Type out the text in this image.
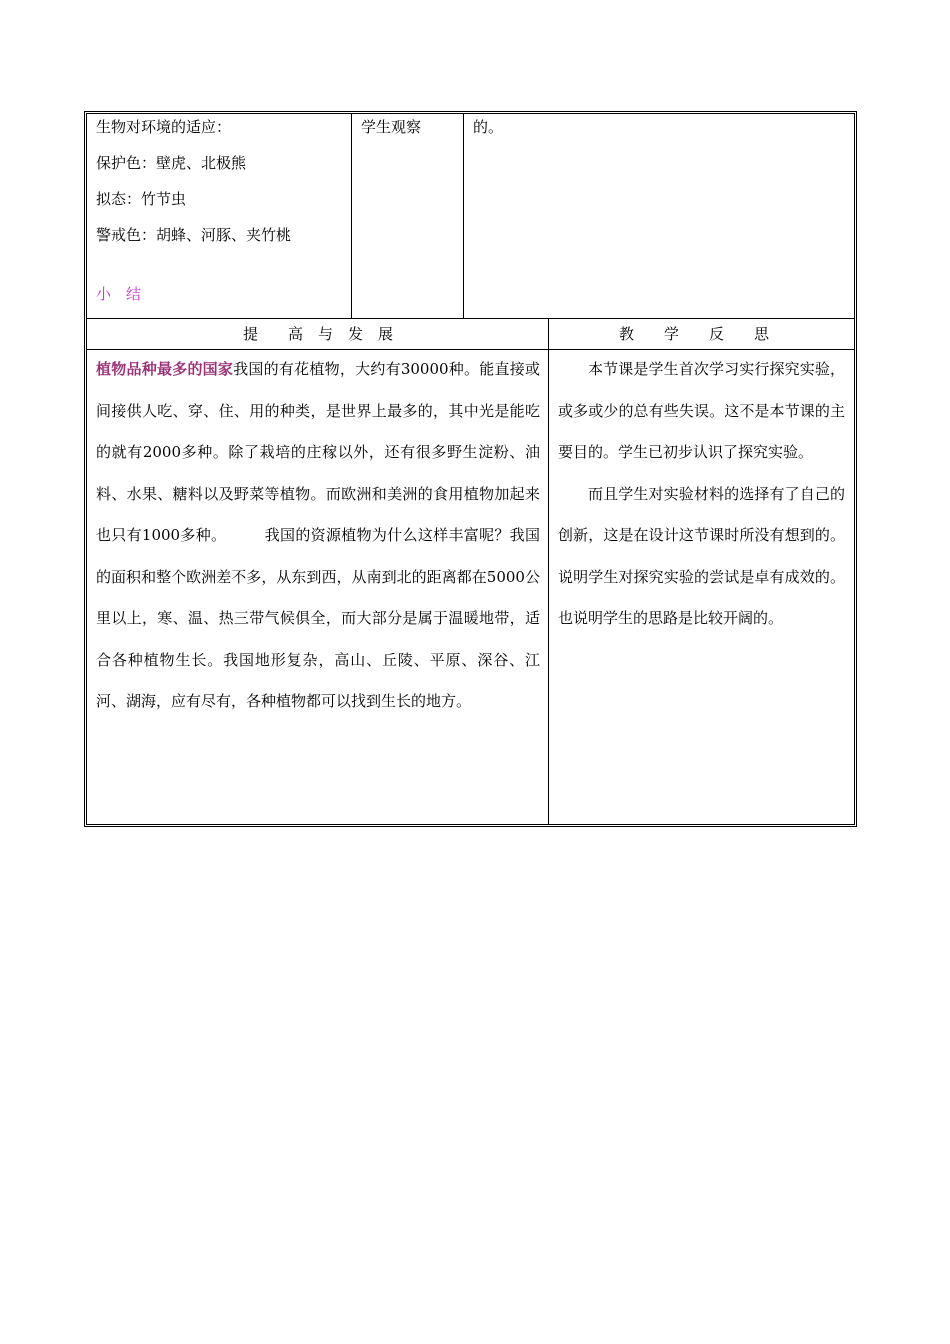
生物对环境的适应：

保护色：壁虎、北极熊

拟态：竹节虫

警戒色：胡蜂、河豚、夹竹桃

小　结
学生观察	的。
提　　高　与　发　展	教　　学　　反　　思

植物品种最多的国家我国的有花植物，大约有30000种。能直接或间接供人吃、穿、住、用的种类，是世界上最多的，其中光是能吃的就有2000多种。除了栽培的庄稼以外，还有很多野生淀粉、油料、水果、糖料以及野菜等植物。而欧洲和美洲的食用植物加起来也只有1000多种。　　　我国的资源植物为什么这样丰富呢？我国的面积和整个欧洲差不多，从东到西，从南到北的距离都在5000公里以上，寒、温、热三带气候俱全，而大部分是属于温暖地带，适合各种植物生长。我国地形复杂，高山、丘陵、平原、深谷、江河、湖海，应有尽有，各种植物都可以找到生长的地方。

本节课是学生首次学习实行探究实验，或多或少的总有些失误。这不是本节课的主要目的。学生已初步认识了探究实验。

而且学生对实验材料的选择有了自己的创新，这是在设计这节课时所没有想到的。说明学生对探究实验的尝试是卓有成效的。也说明学生的思路是比较开阔的。
